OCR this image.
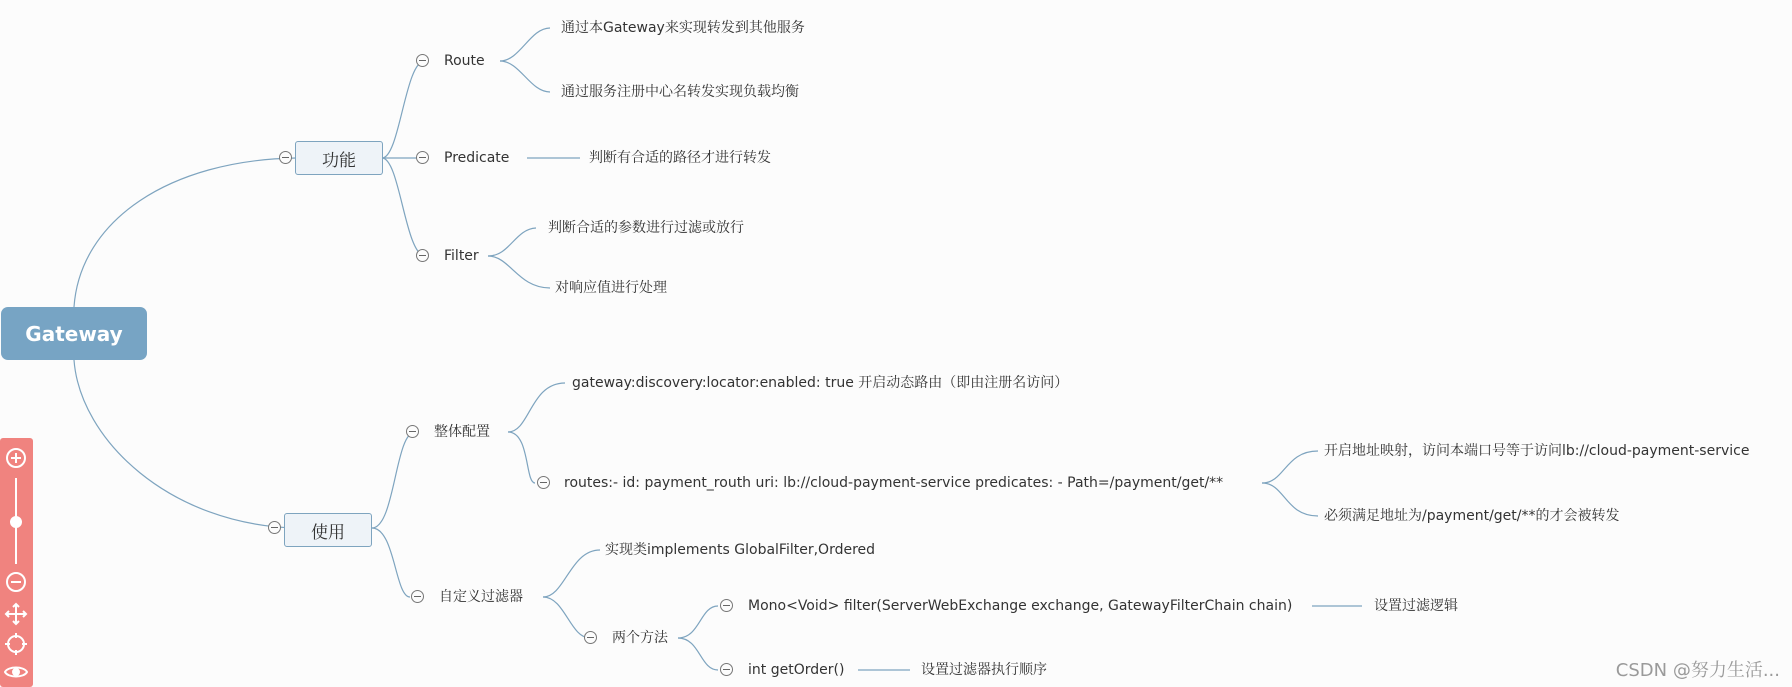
Gateway
功能
Route
通过本Gateway来实现转发到其他服务
通过服务注册中心名转发实现负载均衡
Predicate	判断有合适的路径才进行转发
Filter
判断合适的参数进行过滤或放行
对响应值进行处理
使用
整体配置
gateway:discovery:locator:enabled: true 开启动态路由（即由注册名访问）
routes:- id: payment_routh uri: lb://cloud-payment-service predicates: - Path=/payment/get/**
开启地址映射，访问本端口号等于访问lb://cloud-payment-service
必须满足地址为/payment/get/**的才会被转发
自定义过滤器
实现类implements GlobalFilter,Ordered
两个方法
Mono<Void> filter(ServerWebExchange exchange, GatewayFilterChain chain)	设置过滤逻辑
int getOrder()	设置过滤器执行顺序	CSDN @努力生活...
